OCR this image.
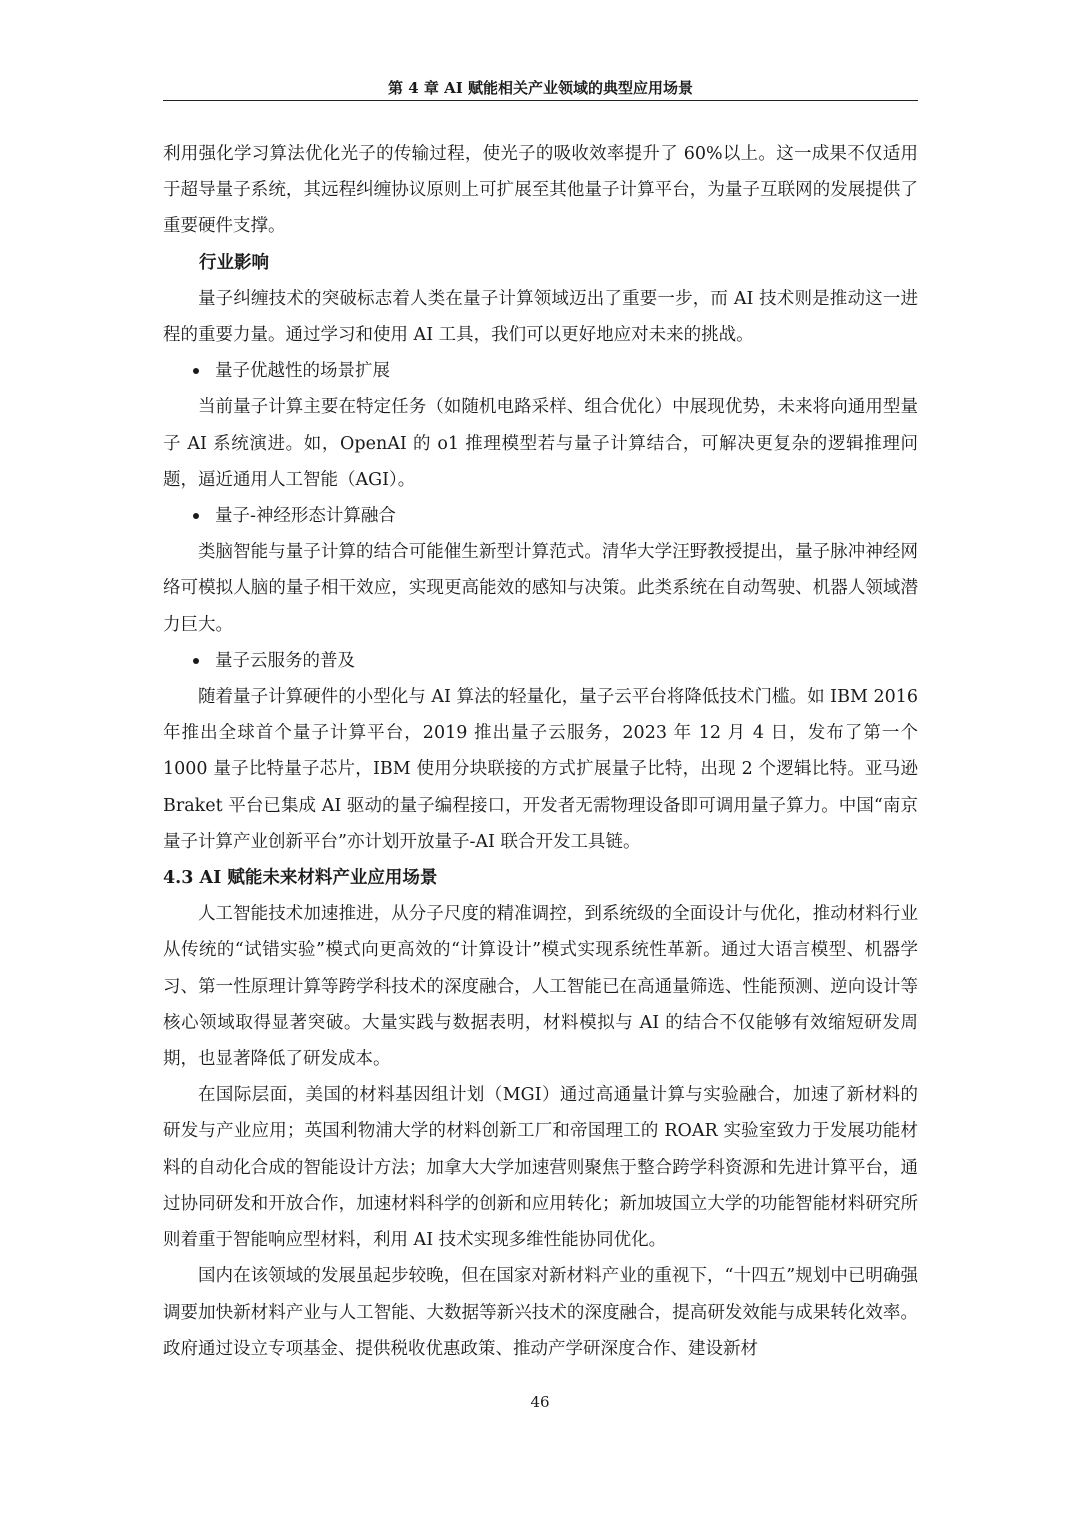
第 4 章 AI 赋能相关产业领域的典型应用场景

利用强化学习算法优化光子的传输过程，使光子的吸收效率提升了 60%以上。这一成果不仅适用于超导量子系统，其远程纠缠协议原则上可扩展至其他量子计算平台，为量子互联网的发展提供了重要硬件支撑。

行业影响

量子纠缠技术的突破标志着人类在量子计算领域迈出了重要一步，而 AI 技术则是推动这一进程的重要力量。通过学习和使用 AI 工具，我们可以更好地应对未来的挑战。

量子优越性的场景扩展

当前量子计算主要在特定任务（如随机电路采样、组合优化）中展现优势，未来将向通用型量子 AI 系统演进。如，OpenAI 的 o1 推理模型若与量子计算结合，可解决更复杂的逻辑推理问题，逼近通用人工智能（AGI）。

量子-神经形态计算融合

类脑智能与量子计算的结合可能催生新型计算范式。清华大学汪野教授提出，量子脉冲神经网络可模拟人脑的量子相干效应，实现更高能效的感知与决策。此类系统在自动驾驶、机器人领域潜力巨大。

量子云服务的普及

随着量子计算硬件的小型化与 AI 算法的轻量化，量子云平台将降低技术门槛。如 IBM 2016 年推出全球首个量子计算平台，2019 推出量子云服务，2023 年 12 月 4 日，发布了第一个 1000 量子比特量子芯片，IBM 使用分块联接的方式扩展量子比特，出现 2 个逻辑比特。亚马逊 Braket 平台已集成 AI 驱动的量子编程接口，开发者无需物理设备即可调用量子算力。中国“南京量子计算产业创新平台”亦计划开放量子-AI 联合开发工具链。

4.3 AI 赋能未来材料产业应用场景

人工智能技术加速推进，从分子尺度的精准调控，到系统级的全面设计与优化，推动材料行业从传统的“试错实验”模式向更高效的“计算设计”模式实现系统性革新。通过大语言模型、机器学习、第一性原理计算等跨学科技术的深度融合，人工智能已在高通量筛选、性能预测、逆向设计等核心领域取得显著突破。大量实践与数据表明，材料模拟与 AI 的结合不仅能够有效缩短研发周期，也显著降低了研发成本。

在国际层面，美国的材料基因组计划（MGI）通过高通量计算与实验融合，加速了新材料的研发与产业应用；英国利物浦大学的材料创新工厂和帝国理工的 ROAR 实验室致力于发展功能材料的自动化合成的智能设计方法；加拿大大学加速营则聚焦于整合跨学科资源和先进计算平台，通过协同研发和开放合作，加速材料科学的创新和应用转化；新加坡国立大学的功能智能材料研究所则着重于智能响应型材料，利用 AI 技术实现多维性能协同优化。

国内在该领域的发展虽起步较晚，但在国家对新材料产业的重视下，“十四五”规划中已明确强调要加快新材料产业与人工智能、大数据等新兴技术的深度融合，提高研发效能与成果转化效率。政府通过设立专项基金、提供税收优惠政策、推动产学研深度合作、建设新材

46
